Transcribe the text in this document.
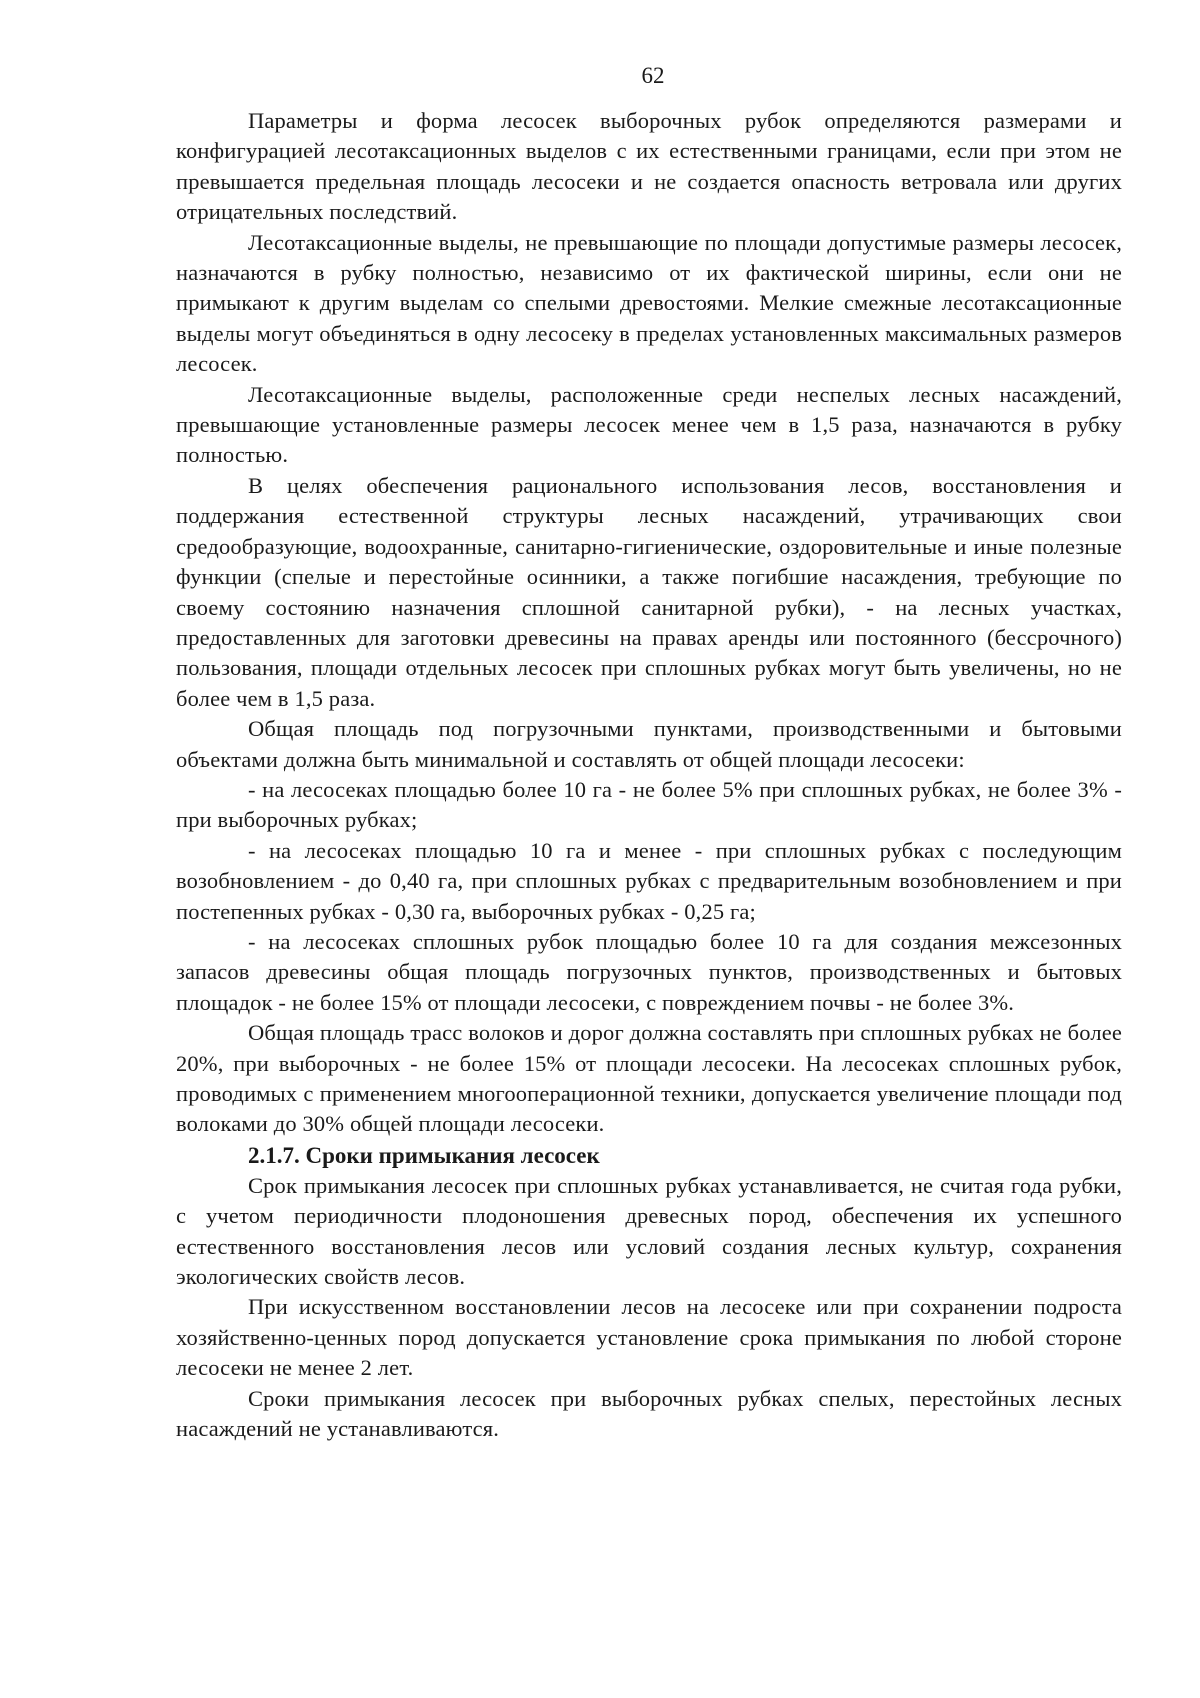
62

Параметры и форма лесосек выборочных рубок определяются размерами и конфигурацией лесотаксационных выделов с их естественными границами, если при этом не превышается предельная площадь лесосеки и не создается опасность ветровала или других отрицательных последствий.

Лесотаксационные выделы, не превышающие по площади допустимые размеры лесосек, назначаются в рубку полностью, независимо от их фактической ширины, если они не примыкают к другим выделам со спелыми древостоями. Мелкие смежные лесотаксационные выделы могут объединяться в одну лесосеку в пределах установленных максимальных размеров лесосек.

Лесотаксационные выделы, расположенные среди неспелых лесных насаждений, превышающие установленные размеры лесосек менее чем в 1,5 раза, назначаются в рубку полностью.

В целях обеспечения рационального использования лесов, восстановления и поддержания естественной структуры лесных насаждений, утрачивающих свои средообразующие, водоохранные, санитарно-гигиенические, оздоровительные и иные полезные функции (спелые и перестойные осинники, а также погибшие насаждения, требующие по своему состоянию назначения сплошной санитарной рубки), - на лесных участках, предоставленных для заготовки древесины на правах аренды или постоянного (бессрочного) пользования, площади отдельных лесосек при сплошных рубках могут быть увеличены, но не более чем в 1,5 раза.

Общая площадь под погрузочными пунктами, производственными и бытовыми объектами должна быть минимальной и составлять от общей площади лесосеки:

- на лесосеках площадью более 10 га - не более 5% при сплошных рубках, не более 3% - при выборочных рубках;

- на лесосеках площадью 10 га и менее - при сплошных рубках с последующим возобновлением - до 0,40 га, при сплошных рубках с предварительным возобновлением и при постепенных рубках - 0,30 га, выборочных рубках - 0,25 га;

- на лесосеках сплошных рубок площадью более 10 га для создания межсезонных запасов древесины общая площадь погрузочных пунктов, производственных и бытовых площадок - не более 15% от площади лесосеки, с повреждением почвы - не более 3%.

Общая площадь трасс волоков и дорог должна составлять при сплошных рубках не более 20%, при выборочных - не более 15% от площади лесосеки. На лесосеках сплошных рубок, проводимых с применением многооперационной техники, допускается увеличение площади под волоками до 30% общей площади лесосеки.

2.1.7. Сроки примыкания лесосек

Срок примыкания лесосек при сплошных рубках устанавливается, не считая года рубки, с учетом периодичности плодоношения древесных пород, обеспечения их успешного естественного восстановления лесов или условий создания лесных культур, сохранения экологических свойств лесов.

При искусственном восстановлении лесов на лесосеке или при сохранении подроста хозяйственно-ценных пород допускается установление срока примыкания по любой стороне лесосеки не менее 2 лет.

Сроки примыкания лесосек при выборочных рубках спелых, перестойных лесных насаждений не устанавливаются.
